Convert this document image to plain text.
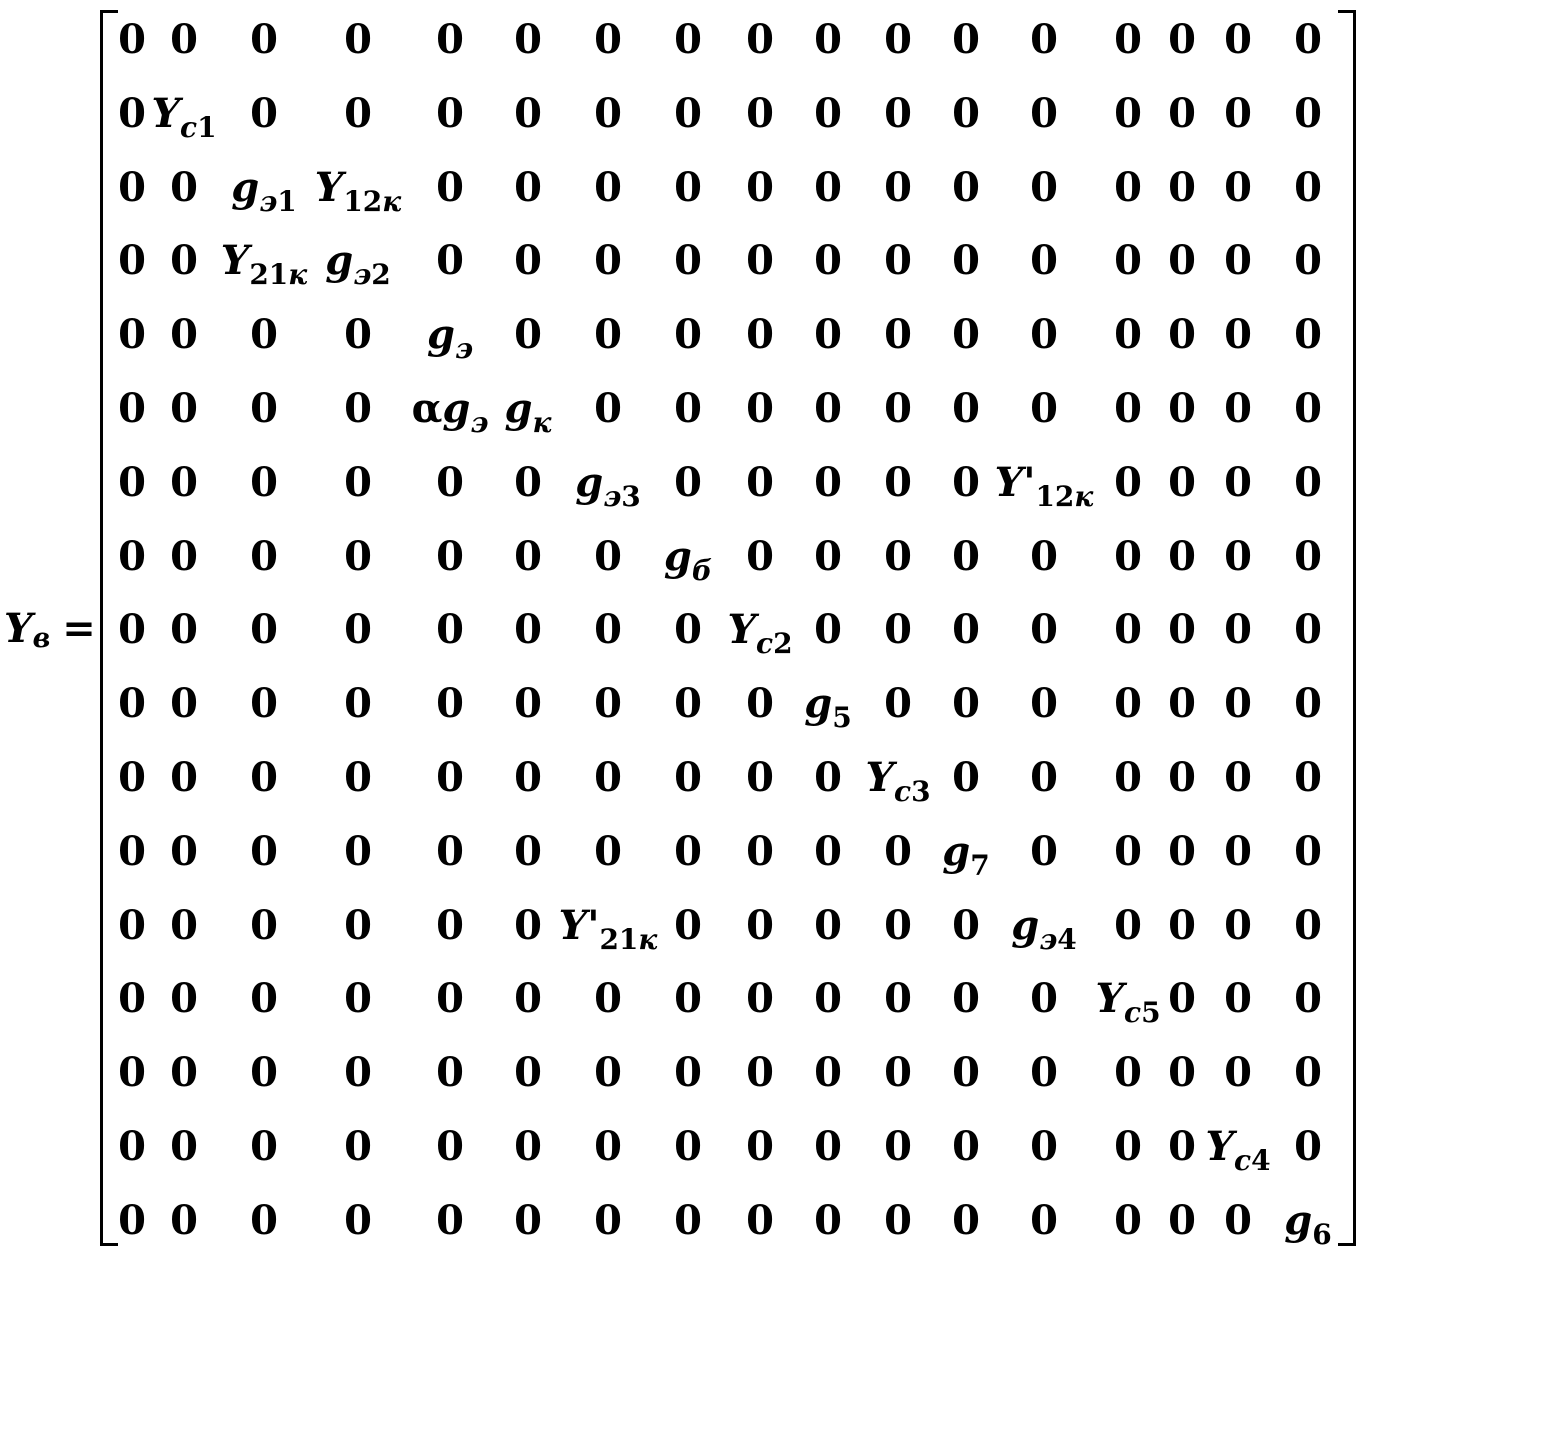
Y в =
0 0 0 0 0 0 0 0 0 0 0 0 0 0 0 0 0
0 $Y_{c1}$ 0 0 0 0 0 0 0 0 0 0 0 0 0 0 0
0 0 $g_{э1}$ $Y_{12к}$ 0 0 0 0 0 0 0 0 0 0 0 0 0
0 0 $Y_{21к}$ $g_{э2}$ 0 0 0 0 0 0 0 0 0 0 0 0 0
0 0 0 0 $g_э$ 0 0 0 0 0 0 0 0 0 0 0 0
0 0 0 0 $\alpha g_э$ $g_к$ 0 0 0 0 0 0 0 0 0 0 0
0 0 0 0 0 0 $g_{э3}$ 0 0 0 0 0 $Y'_{12к}$ 0 0 0 0
0 0 0 0 0 0 0 $g_б$ 0 0 0 0 0 0 0 0 0
0 0 0 0 0 0 0 0 $Y_{c2}$ 0 0 0 0 0 0 0 0
0 0 0 0 0 0 0 0 0 $g_5$ 0 0 0 0 0 0 0
0 0 0 0 0 0 0 0 0 0 $Y_{c3}$ 0 0 0 0 0 0
0 0 0 0 0 0 0 0 0 0 0 $g_7$ 0 0 0 0 0
0 0 0 0 0 0 $Y'_{21к}$ 0 0 0 0 0 $g_{э4}$ 0 0 0 0
0 0 0 0 0 0 0 0 0 0 0 0 0 $Y_{c5}$ 0 0 0
0 0 0 0 0 0 0 0 0 0 0 0 0 0 0 0 0
0 0 0 0 0 0 0 0 0 0 0 0 0 0 0 $Y_{c4}$ 0
0 0 0 0 0 0 0 0 0 0 0 0 0 0 0 0 $g_6$
